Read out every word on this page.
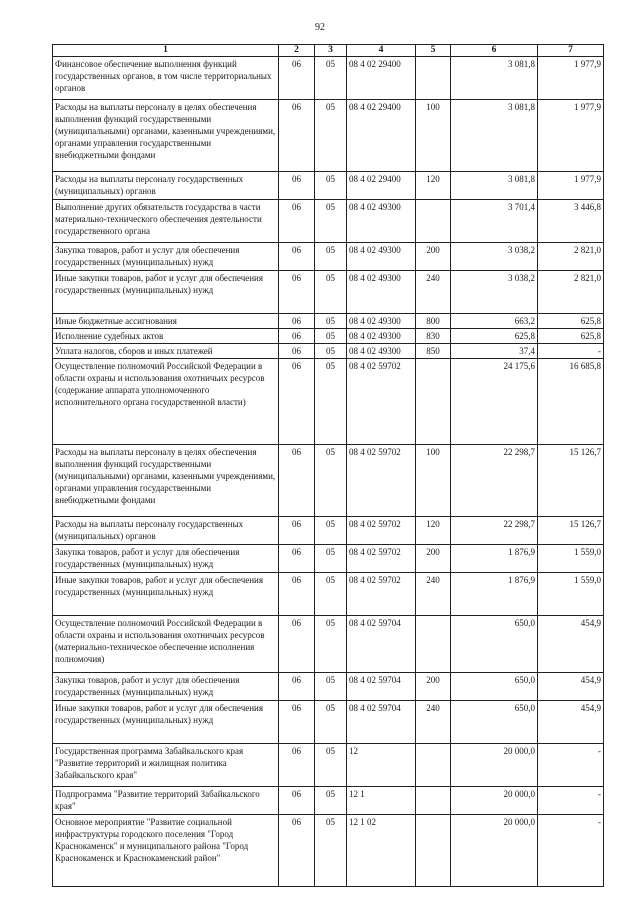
92
1	2	3	4	5	6	7
Финансовое обеспечение выполнения функций государственных органов, в том числе территориальных органов	06	05	08 4 02 29400		3 081,8	1 977,9
Расходы на выплаты персоналу в целях обеспечения выполнения функций государственными (муниципальными) органами, казенными учреждениями, органами управления государственными внебюджетными фондами	06	05	08 4 02 29400	100	3 081,8	1 977,9
Расходы на выплаты персоналу государственных (муниципальных) органов	06	05	08 4 02 29400	120	3 081,8	1 977,9
Выполнение других обязательств государства в части материально-технического обеспечения деятельности государственного органа	06	05	08 4 02 49300		3 701,4	3 446,8
Закупка товаров, работ и услуг для обеспечения государственных (муниципальных) нужд	06	05	08 4 02 49300	200	3 038,2	2 821,0
Иные закупки товаров, работ и услуг для обеспечения государственных (муниципальных) нужд	06	05	08 4 02 49300	240	3 038,2	2 821,0
Иные бюджетные ассигнования	06	05	08 4 02 49300	800	663,2	625,8
Исполнение судебных актов	06	05	08 4 02 49300	830	625,8	625,8
Уплата налогов, сборов и иных платежей	06	05	08 4 02 49300	850	37,4	-
Осуществление полномочий Российской Федерации в области охраны и использования охотничьих ресурсов (содержание аппарата уполномоченного исполнительного органа государственной власти)	06	05	08 4 02 59702		24 175,6	16 685,8
Расходы на выплаты персоналу в целях обеспечения выполнения функций государственными (муниципальными) органами, казенными учреждениями, органами управления государственными внебюджетными фондами	06	05	08 4 02 59702	100	22 298,7	15 126,7
Расходы на выплаты персоналу государственных (муниципальных) органов	06	05	08 4 02 59702	120	22 298,7	15 126,7
Закупка товаров, работ и услуг для обеспечения государственных (муниципальных) нужд	06	05	08 4 02 59702	200	1 876,9	1 559,0
Иные закупки товаров, работ и услуг для обеспечения государственных (муниципальных) нужд	06	05	08 4 02 59702	240	1 876,9	1 559,0
Осуществление полномочий Российской Федерации в области охраны и использования охотничьих ресурсов (материально-техническое обеспечение исполнения полномочия)	06	05	08 4 02 59704		650,0	454,9
Закупка товаров, работ и услуг для обеспечения государственных (муниципальных) нужд	06	05	08 4 02 59704	200	650,0	454,9
Иные закупки товаров, работ и услуг для обеспечения государственных (муниципальных) нужд	06	05	08 4 02 59704	240	650,0	454,9
Государственная программа Забайкальского края "Развитие территорий и жилищная политика Забайкальского края"	06	05	12		20 000,0	-
Подпрограмма "Развитие территорий Забайкальского края"	06	05	12 1		20 000,0	-
Основное мероприятие "Развитие социальной инфраструктуры городского поселения "Город Краснокаменск" и муниципального района "Город Краснокаменск и Краснокаменский район"	06	05	12 1 02		20 000,0	-
